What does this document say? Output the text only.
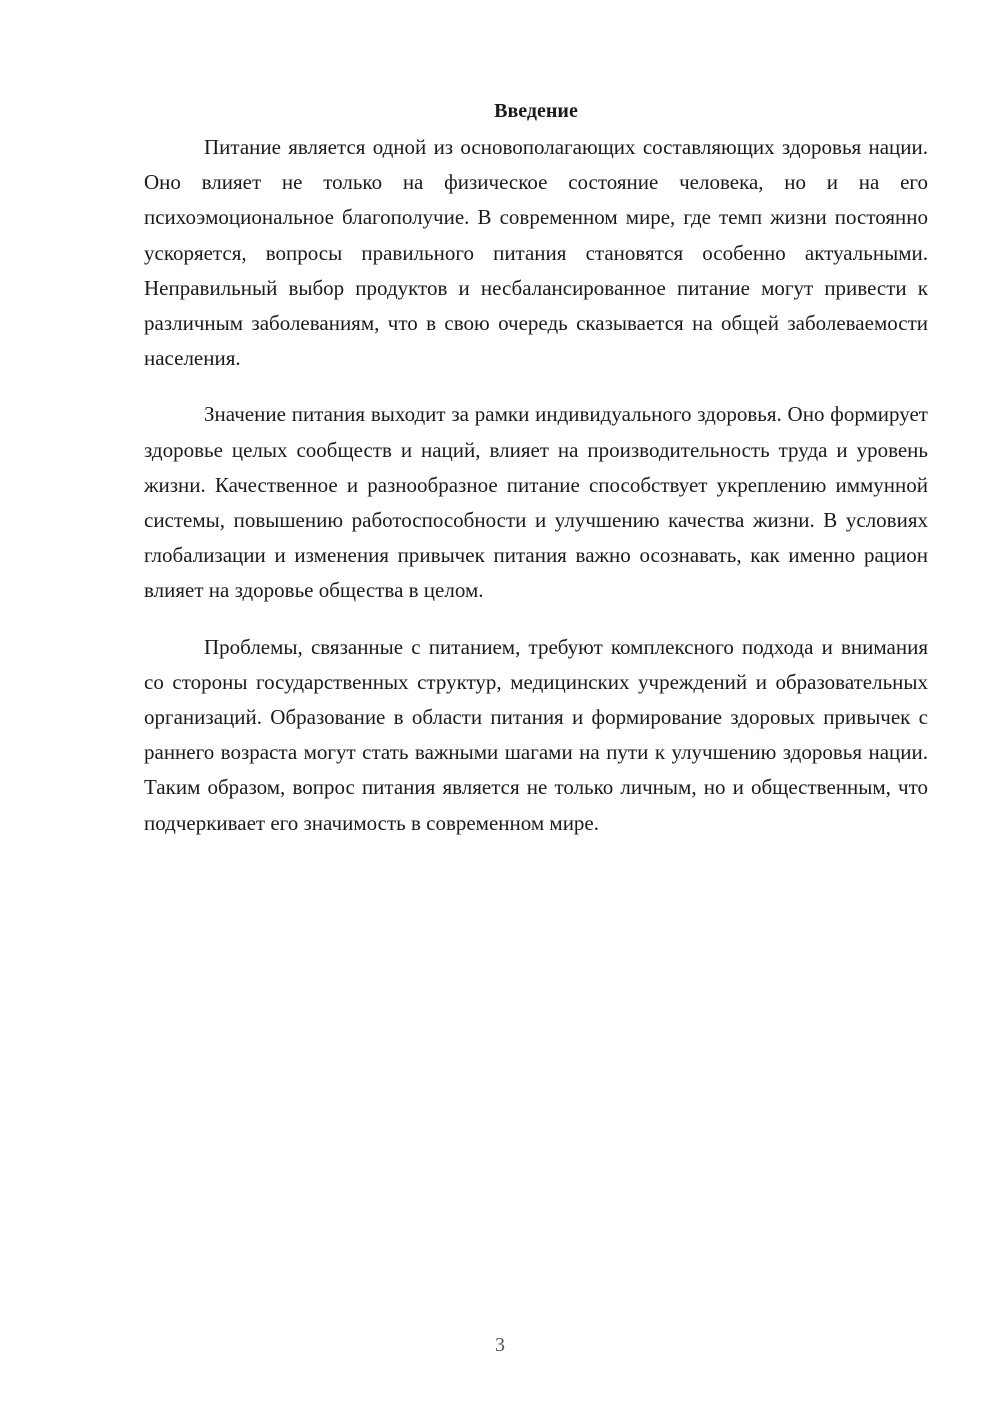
Введение

Питание является одной из основополагающих составляющих здоровья нации. Оно влияет не только на физическое состояние человека, но и на его психоэмоциональное благополучие. В современном мире, где темп жизни постоянно ускоряется, вопросы правильного питания становятся особенно актуальными. Неправильный выбор продуктов и несбалансированное питание могут привести к различным заболеваниям, что в свою очередь сказывается на общей заболеваемости населения.

Значение питания выходит за рамки индивидуального здоровья. Оно формирует здоровье целых сообществ и наций, влияет на производительность труда и уровень жизни. Качественное и разнообразное питание способствует укреплению иммунной системы, повышению работоспособности и улучшению качества жизни. В условиях глобализации и изменения привычек питания важно осознавать, как именно рацион влияет на здоровье общества в целом.

Проблемы, связанные с питанием, требуют комплексного подхода и внимания со стороны государственных структур, медицинских учреждений и образовательных организаций. Образование в области питания и формирование здоровых привычек с раннего возраста могут стать важными шагами на пути к улучшению здоровья нации. Таким образом, вопрос питания является не только личным, но и общественным, что подчеркивает его значимость в современном мире.

3
